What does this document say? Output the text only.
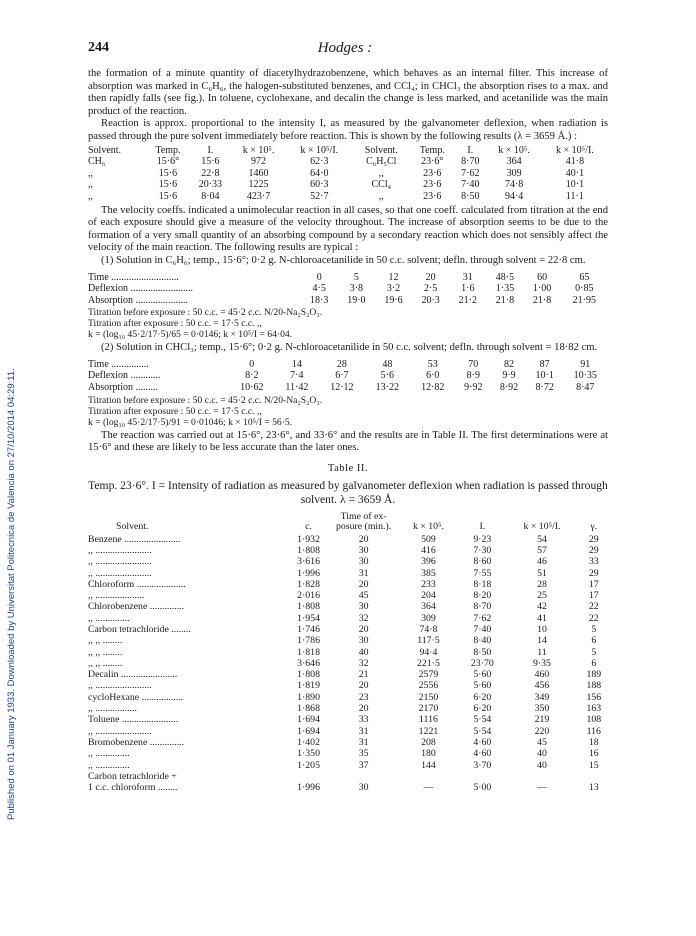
Published on 01 January 1933. Downloaded by Universitat Politecnica de Valencia on 27/10/2014 04:29:11.
244	Hodges :

the formation of a minute quantity of diacetylhydrazobenzene, which behaves as an internal filter. This increase of absorption was marked in C₆H₆, the halogen-substituted benzenes, and CCl₄; in CHCl₃ the absorption rises to a max. and then rapidly falls (see fig.). In toluene, cyclohexane, and decalin the change is less marked, and acetanilide was the main product of the reaction.

Reaction is approx. proportional to the intensity I, as measured by the galvanometer deflexion, when radiation is passed through the pure solvent immediately before reaction. This is shown by the following results (λ = 3659 Å.) :

Solvent.	Temp.	I.	k × 10⁵.	k × 10⁵/I.	Solvent.	Temp.	I.	k × 10⁵.	k × 10⁵/I.
CH₆	15·6°	15·6	972	62·3	C₆H₅Cl	23·6°	8·70	364	41·8
,,	15·6	22·8	1460	64·0	,,	23·6	7·62	309	40·1
,,	15·6	20·33	1225	60·3	CCl₄	23·6	7·40	74·8	10·1
,,	15·6	8·04	423·7	52·7	,,	23·6	8·50	94·4	11·1

The velocity coeffs. indicated a unimolecular reaction in all cases, so that one coeff. calculated from titration at the end of each exposure should give a measure of the velocity throughout. The increase of absorption seems to be due to the formation of a very small quantity of an absorbing compound by a secondary reaction which does not sensibly affect the velocity of the main reaction. The following results are typical :

(1) Solution in C₆H₆; temp., 15·6°; 0·2 g. N-chloroacetanilide in 50 c.c. solvent; defln. through solvent = 22·8 cm.

Time ...........................	0	5	12	20	31	48·5	60	65
Deflexion .........................	4·5	3·8	3·2	2·5	1·6	1·35	1·00	0·85
Absorption .....................	18·3	19·0	19·6	20·3	21·2	21·8	21·8	21·95
Titration before exposure : 50 c.c. = 45·2 c.c. N/20-Na₂S₂O₃.
Titration after exposure : 50 c.c. = 17·5 c.c. ,,
k = (log₁₀ 45·2/17·5)/65 = 0·0146; k × 10⁵/I = 64·04.

(2) Solution in CHCl₃; temp., 15·6°; 0·2 g. N-chloroacetanilide in 50 c.c. solvent; defln. through solvent = 18·82 cm.

Time ...............	0	14	28	48	53	70	82	87	91
Deflexion ............	8·2	7·4	6·7	5·6	6·0	8·9	9·9	10·1	10·35
Absorption .........	10·62	11·42	12·12	13·22	12·82	9·92	8·92	8·72	8·47
Titration before exposure : 50 c.c. = 45·2 c.c. N/20-Na₂S₂O₃.
Titration after exposure : 50 c.c. = 17·5 c.c. ,,
k = (log₁₀ 45·2/17·5)/91 = 0·01046; k × 10⁵/I = 56·5.

The reaction was carried out at 15·6°, 23·6°, and 33·6° and the results are in Table II. The first determinations were at 15·6° and these are likely to be less accurate than the later ones.

Table II.
Temp. 23·6°. I = Intensity of radiation as measured by galvanometer deflexion when radiation is passed through solvent. λ = 3659 Å.
Solvent.	c.	Time of ex-posure (min.).	k × 10⁵.	I.	k × 10⁵/I.	γ.
Benzene .......................	1·932	20	509	9·23	54	29
,, .......................	1·808	30	416	7·30	57	29
,, .......................	3·616	30	396	8·60	46	33
,, .......................	1·996	31	385	7·55	51	29
Chloroform ....................	1·828	20	233	8·18	28	17
,, ....................	2·016	45	204	8·20	25	17
Chlorobenzene ..............	1·808	30	364	8·70	42	22
,, ..............	1·954	32	309	7·62	41	22
Carbon tetrachloride ........	1·746	20	74·8	7·40	10	5
,, ,, ........	1·786	30	117·5	8·40	14	6
,, ,, ........	1·818	40	94·4	8·50	11	5
,, ,, ........	3·646	32	221·5	23·70	9·35	6
Decalin .......................	1·808	21	2579	5·60	460	189
,, .......................	1·819	20	2556	5·60	456	188
cycloHexane .................	1·890	23	2150	6·20	349	156
,, .................	1·868	20	2170	6·20	350	163
Toluene .......................	1·694	33	1116	5·54	219	108
,, .......................	1·694	31	1221	5·54	220	116
Bromobenzene ..............	1·402	31	208	4·60	45	18
,, ..............	1·350	35	180	4·60	40	16
,, ..............	1·205	37	144	3·70	40	15
Carbon tetrachloride +						
1 c.c. chloroform ........	1·996	30	—	5·00	—	13
